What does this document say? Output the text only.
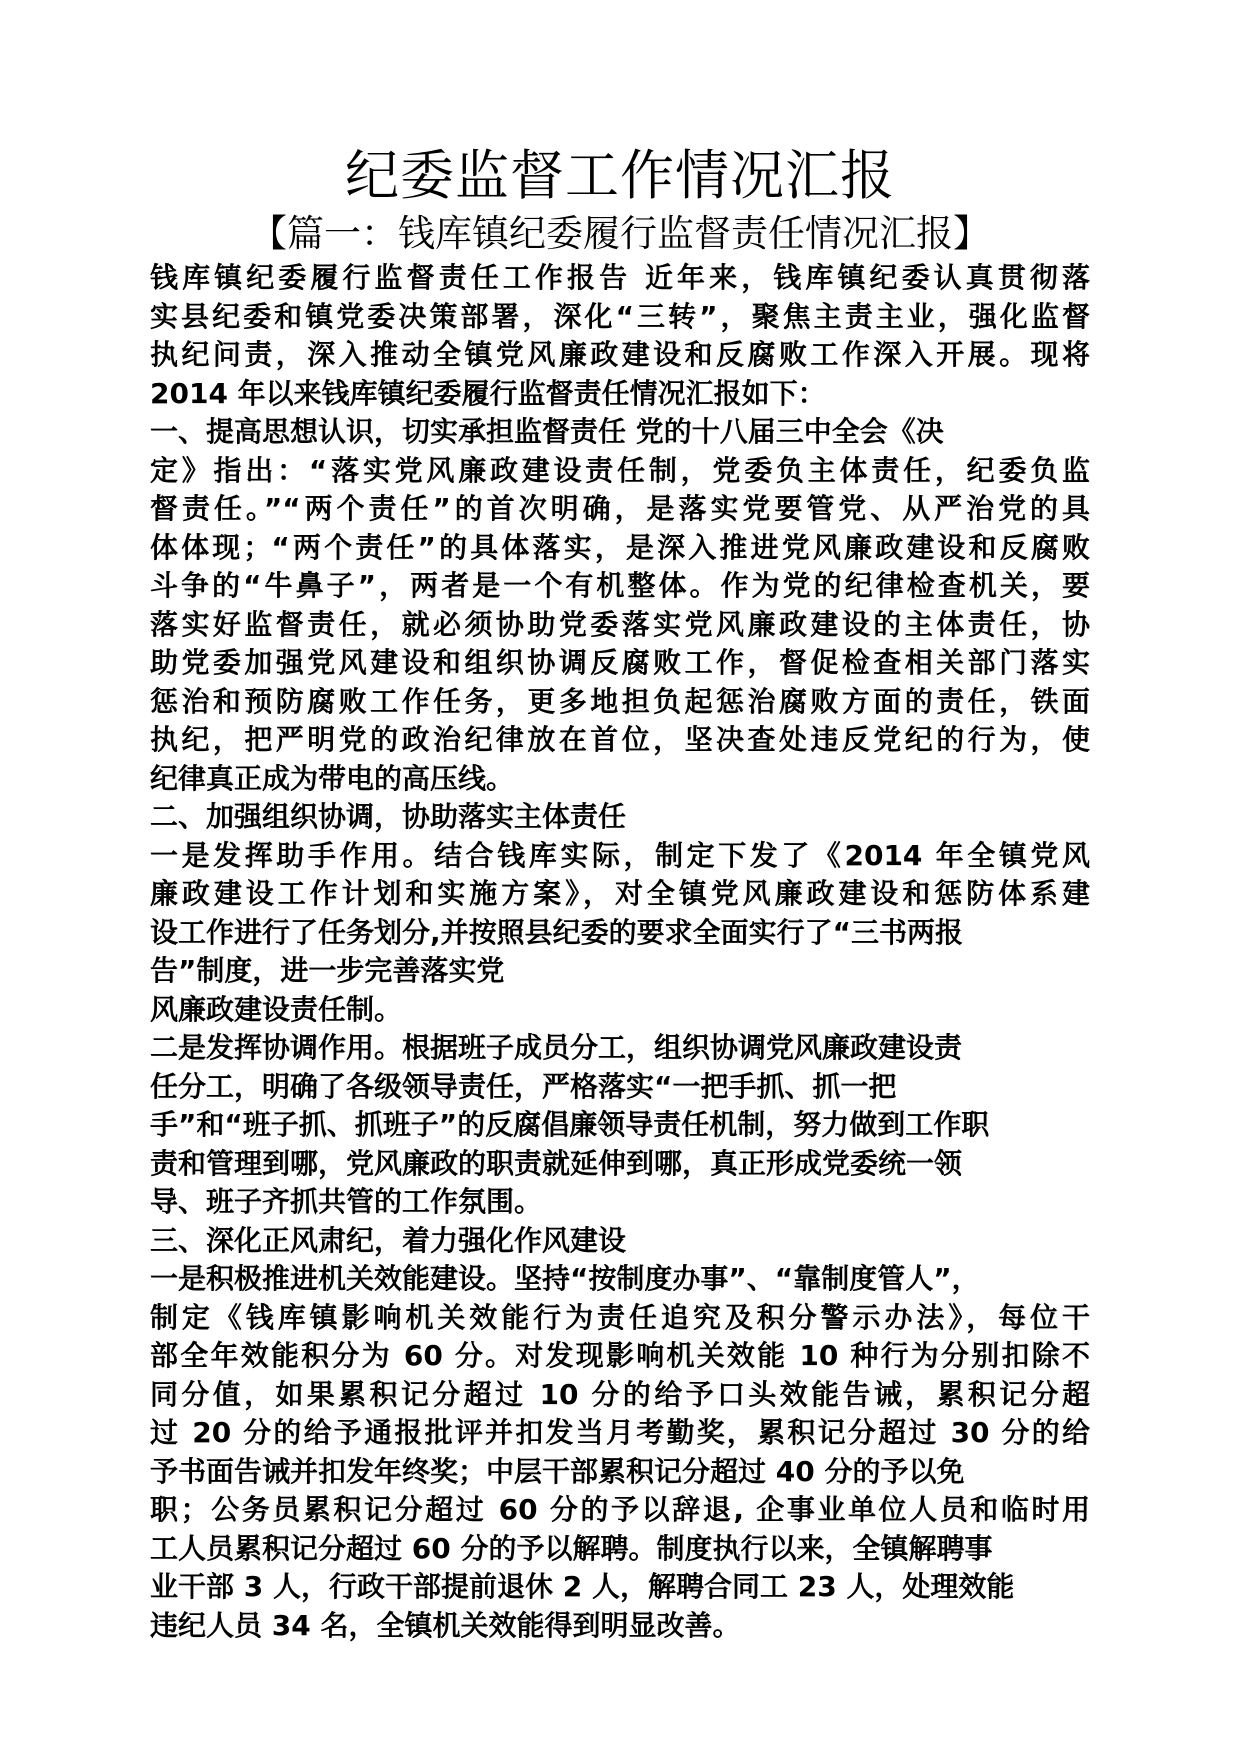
纪委监督工作情况汇报
【篇一：钱库镇纪委履行监督责任情况汇报】
钱库镇纪委履行监督责任工作报告 近年来，钱库镇纪委认真贯彻落
实县纪委和镇党委决策部署，深化“三转”，聚焦主责主业，强化监督
执纪问责，深入推动全镇党风廉政建设和反腐败工作深入开展。现将
2014 年以来钱库镇纪委履行监督责任情况汇报如下：
一、提高思想认识，切实承担监督责任 党的十八届三中全会《决
定》指出：“落实党风廉政建设责任制，党委负主体责任，纪委负监
督责任。”“两个责任”的首次明确，是落实党要管党、从严治党的具
体体现；“两个责任”的具体落实，是深入推进党风廉政建设和反腐败
斗争的“牛鼻子”，两者是一个有机整体。作为党的纪律检查机关，要
落实好监督责任，就必须协助党委落实党风廉政建设的主体责任，协
助党委加强党风建设和组织协调反腐败工作，督促检查相关部门落实
惩治和预防腐败工作任务，更多地担负起惩治腐败方面的责任，铁面
执纪，把严明党的政治纪律放在首位，坚决查处违反党纪的行为，使
纪律真正成为带电的高压线。
二、加强组织协调，协助落实主体责任
一是发挥助手作用。结合钱库实际，制定下发了《2014 年全镇党风
廉政建设工作计划和实施方案》，对全镇党风廉政建设和惩防体系建
设工作进行了任务划分,并按照县纪委的要求全面实行了“三书两报
告”制度，进一步完善落实党
风廉政建设责任制。
二是发挥协调作用。根据班子成员分工，组织协调党风廉政建设责
任分工，明确了各级领导责任，严格落实“一把手抓、抓一把
手”和“班子抓、抓班子”的反腐倡廉领导责任机制，努力做到工作职
责和管理到哪，党风廉政的职责就延伸到哪，真正形成党委统一领
导、班子齐抓共管的工作氛围。
三、深化正风肃纪，着力强化作风建设
一是积极推进机关效能建设。坚持“按制度办事”、“靠制度管人”，
制定《钱库镇影响机关效能行为责任追究及积分警示办法》，每位干
部全年效能积分为 60 分。对发现影响机关效能 10 种行为分别扣除不
同分值，如果累积记分超过 10 分的给予口头效能告诫，累积记分超
过 20 分的给予通报批评并扣发当月考勤奖，累积记分超过 30 分的给
予书面告诫并扣发年终奖；中层干部累积记分超过 40 分的予以免
职；公务员累积记分超过 60 分的予以辞退, 企事业单位人员和临时用
工人员累积记分超过 60 分的予以解聘。制度执行以来，全镇解聘事
业干部 3 人，行政干部提前退休 2 人，解聘合同工 23 人，处理效能
违纪人员 34 名，全镇机关效能得到明显改善。
